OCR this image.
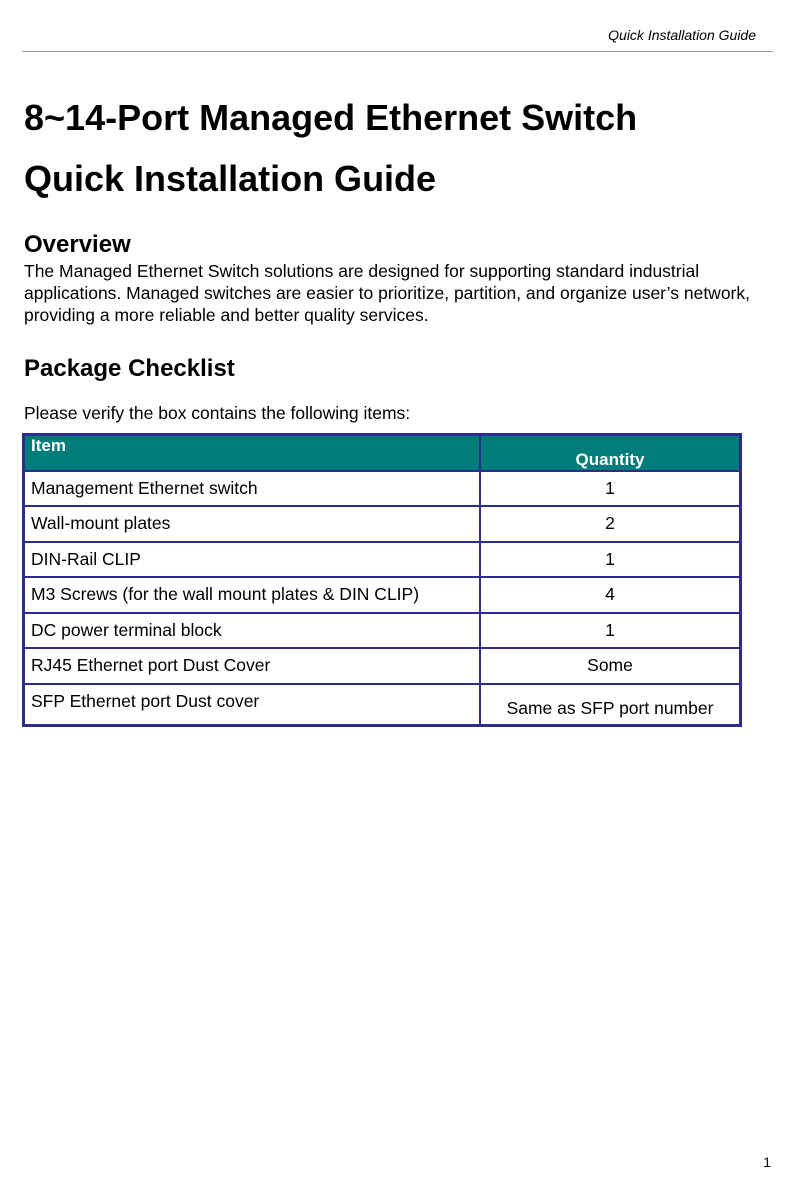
Quick Installation Guide
8~14-Port Managed Ethernet Switch
Quick Installation Guide
Overview
The Managed Ethernet Switch solutions are designed for supporting standard industrial
applications. Managed switches are easier to prioritize, partition, and organize user’s network,
providing a more reliable and better quality services.
Package Checklist
Please verify the box contains the following items:
Item	Quantity
Management Ethernet switch	1
Wall-mount plates	2
DIN-Rail CLIP	1
M3 Screws (for the wall mount plates & DIN CLIP)	4
DC power terminal block	1
RJ45 Ethernet port Dust Cover	Some
SFP Ethernet port Dust cover	Same as SFP port number
1
